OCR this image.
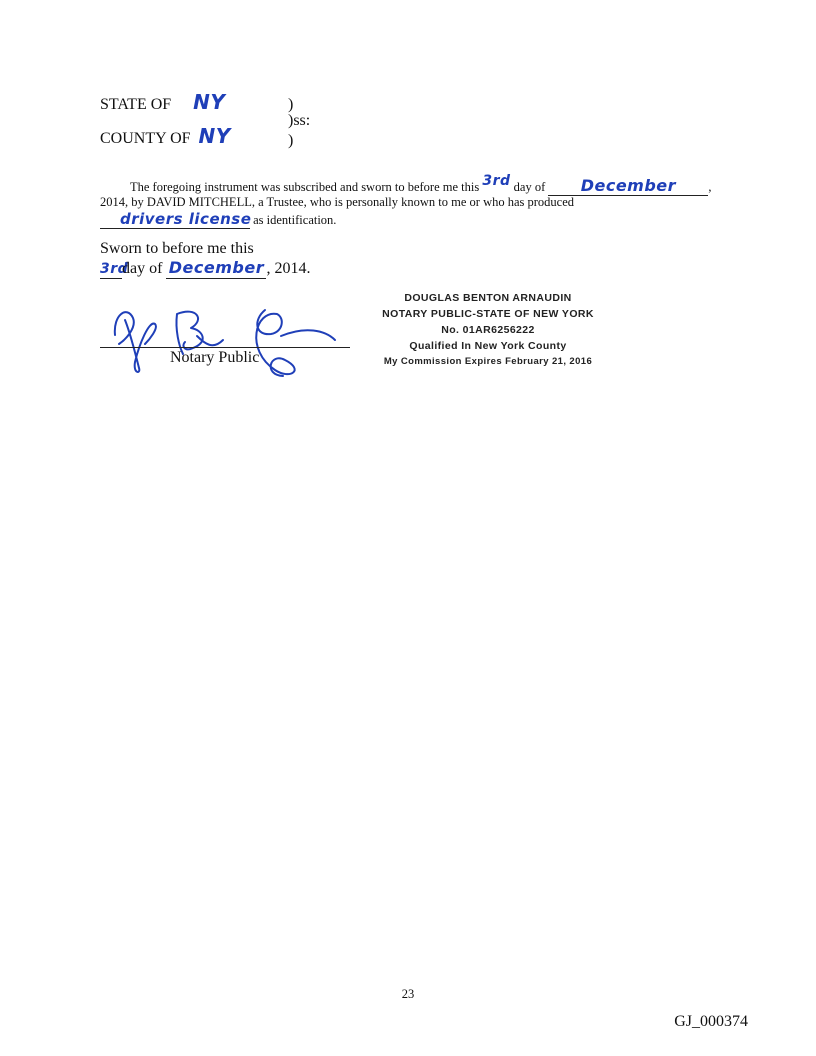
STATE OF NY
COUNTY OF NY
)
)ss:
)
The foregoing instrument was subscribed and sworn to before me this 3rd day of December	,
2014, by DAVID MITCHELL, a Trustee, who is personally known to me or who has produced
drivers license as identification.
Sworn to before me this
3rdday of December , 2014.
Notary Public
DOUGLAS BENTON ARNAUDIN
NOTARY PUBLIC-STATE OF NEW YORK
No. 01AR6256222
Qualified In New York County
My Commission Expires February 21, 2016
23
GJ_000374
